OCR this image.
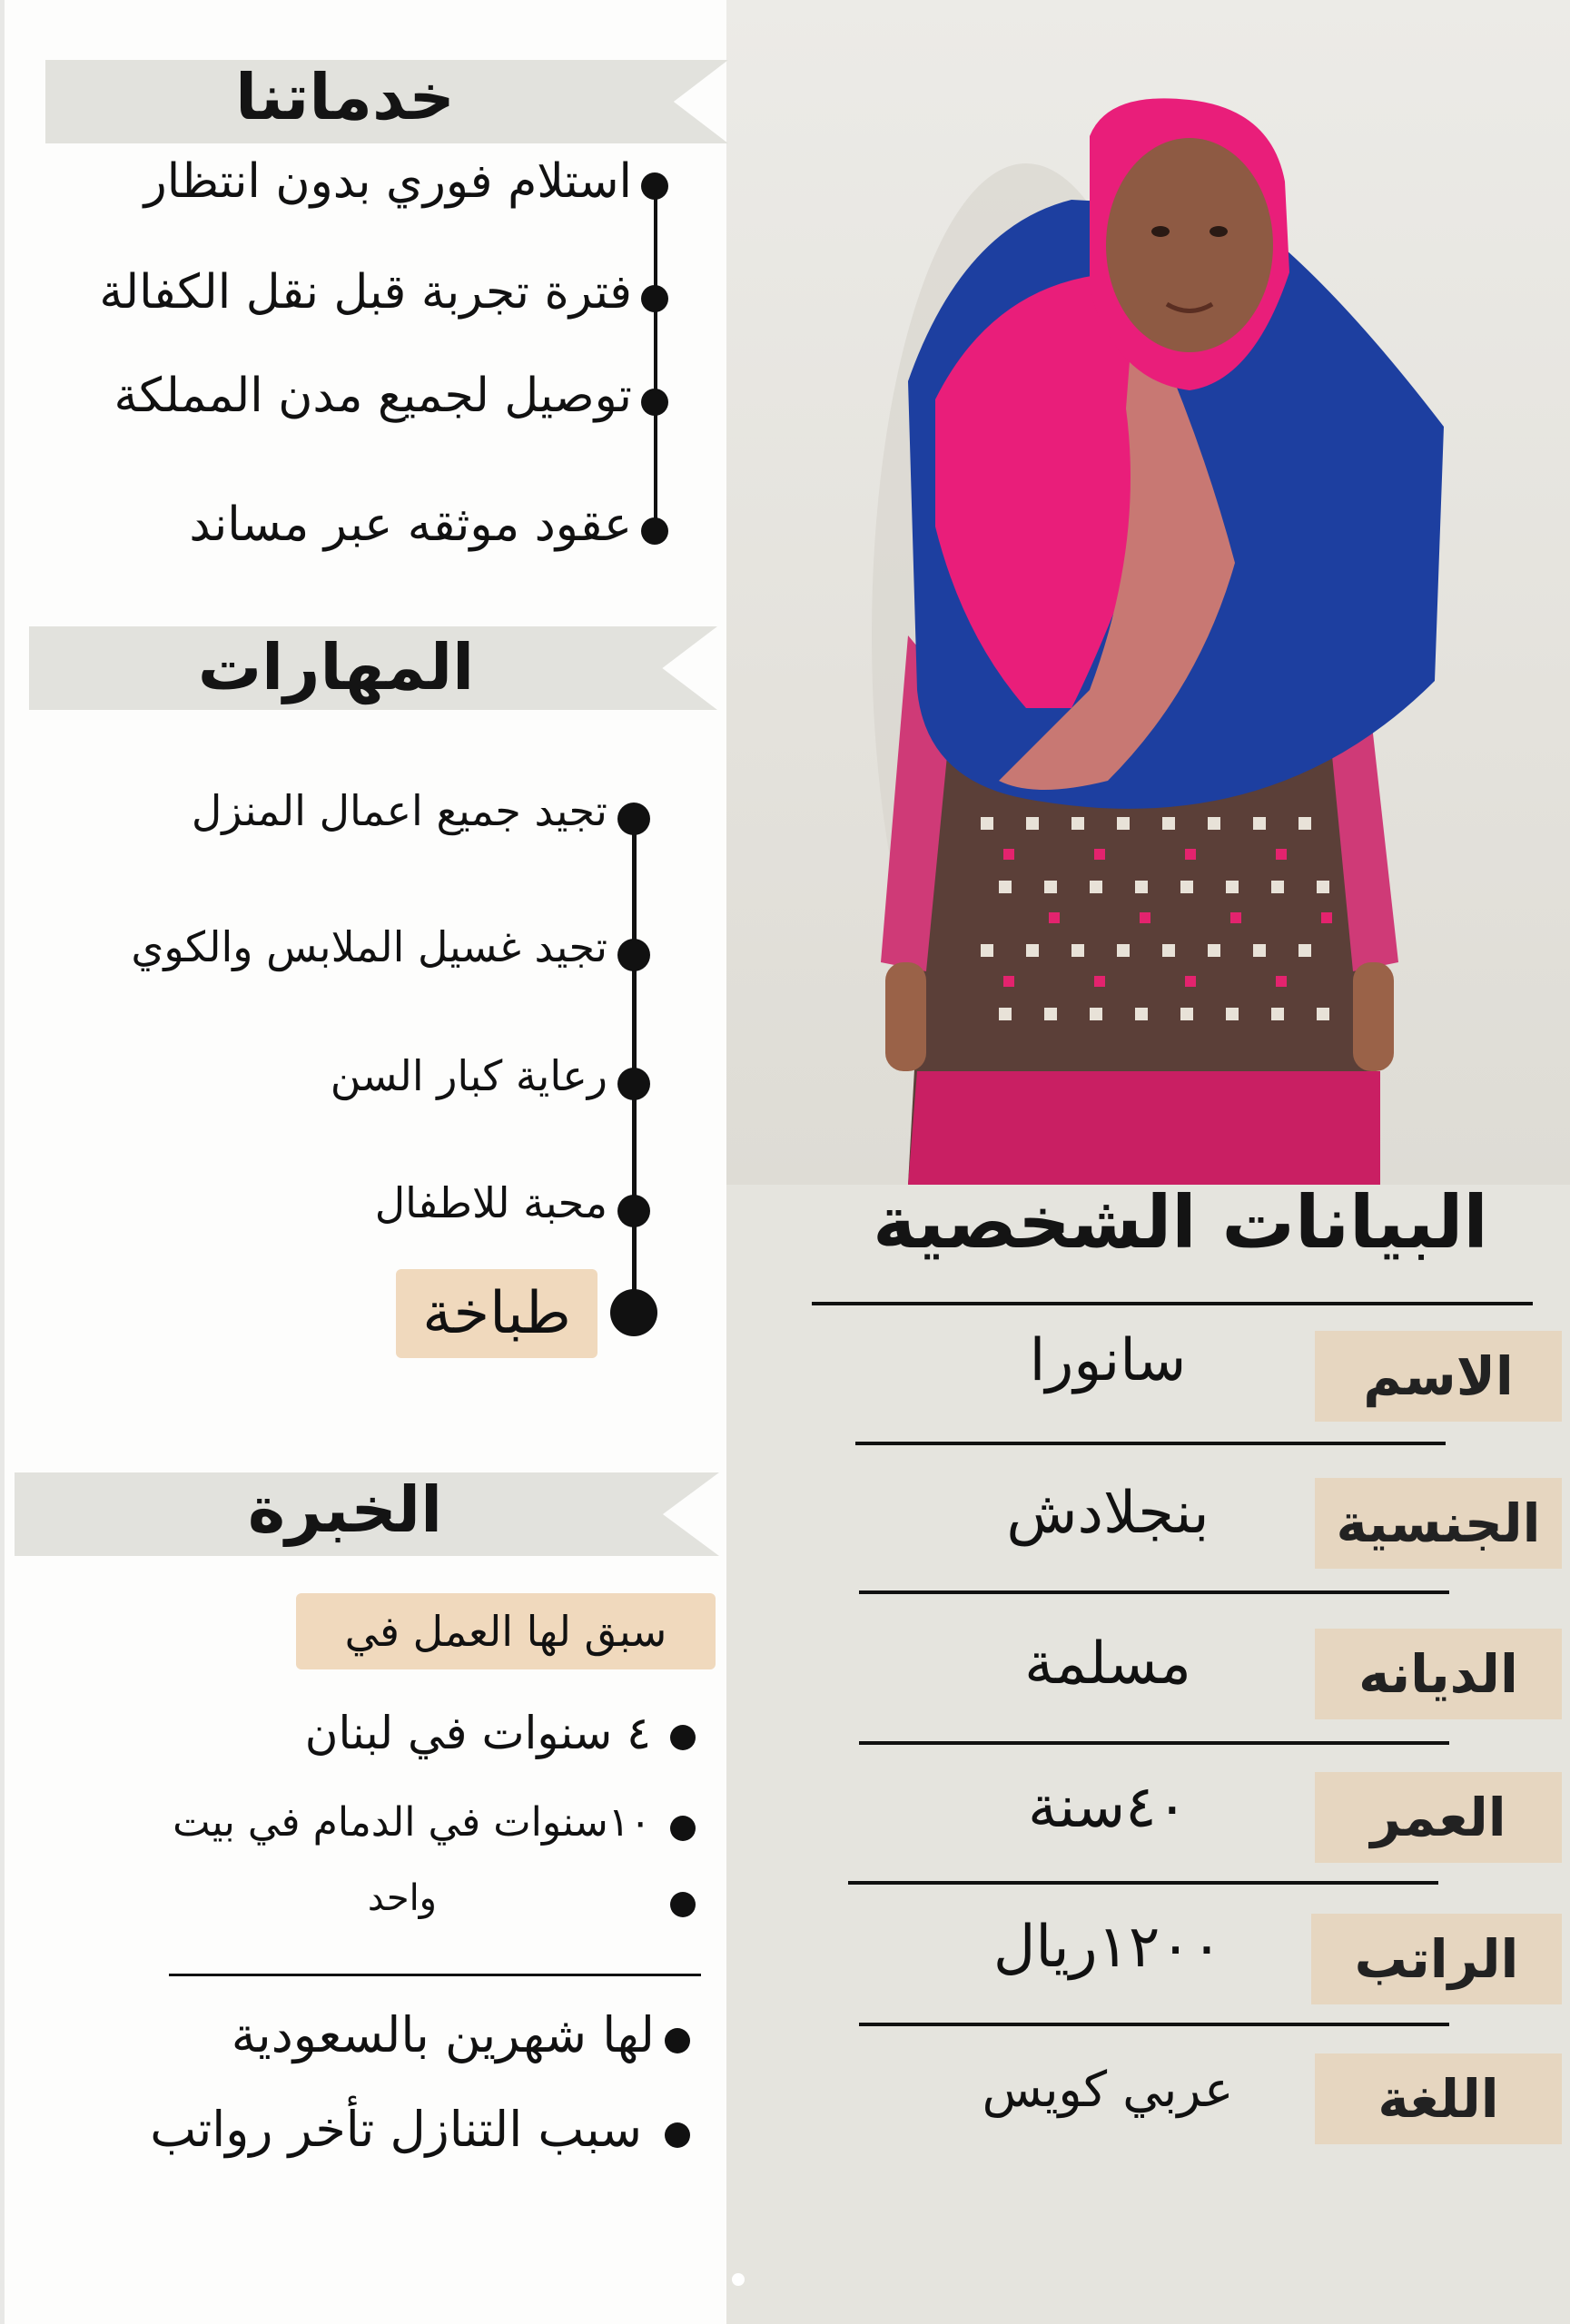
خدماتنا
استلام فوري بدون انتظار
فترة تجربة قبل نقل الكفالة
توصيل لجميع مدن المملكة
عقود موثقه عبر مساند
المهارات
تجيد جميع اعمال المنزل
تجيد غسيل الملابس والكوي
رعاية كبار السن
محبة للاطفال
طباخة
الخبرة
سبق لها العمل في
٤ سنوات في لبنان
١٠سنوات في الدمام في بيت
واحد
لها شهرين بالسعودية
سبب التنازل تأخر رواتب
البيانات الشخصية
الاسم
سانورا
الجنسية
بنجلادش
الديانه
مسلمة
العمر
٤٠سنة
الراتب
١٢٠٠ريال
اللغة
عربي كويس
